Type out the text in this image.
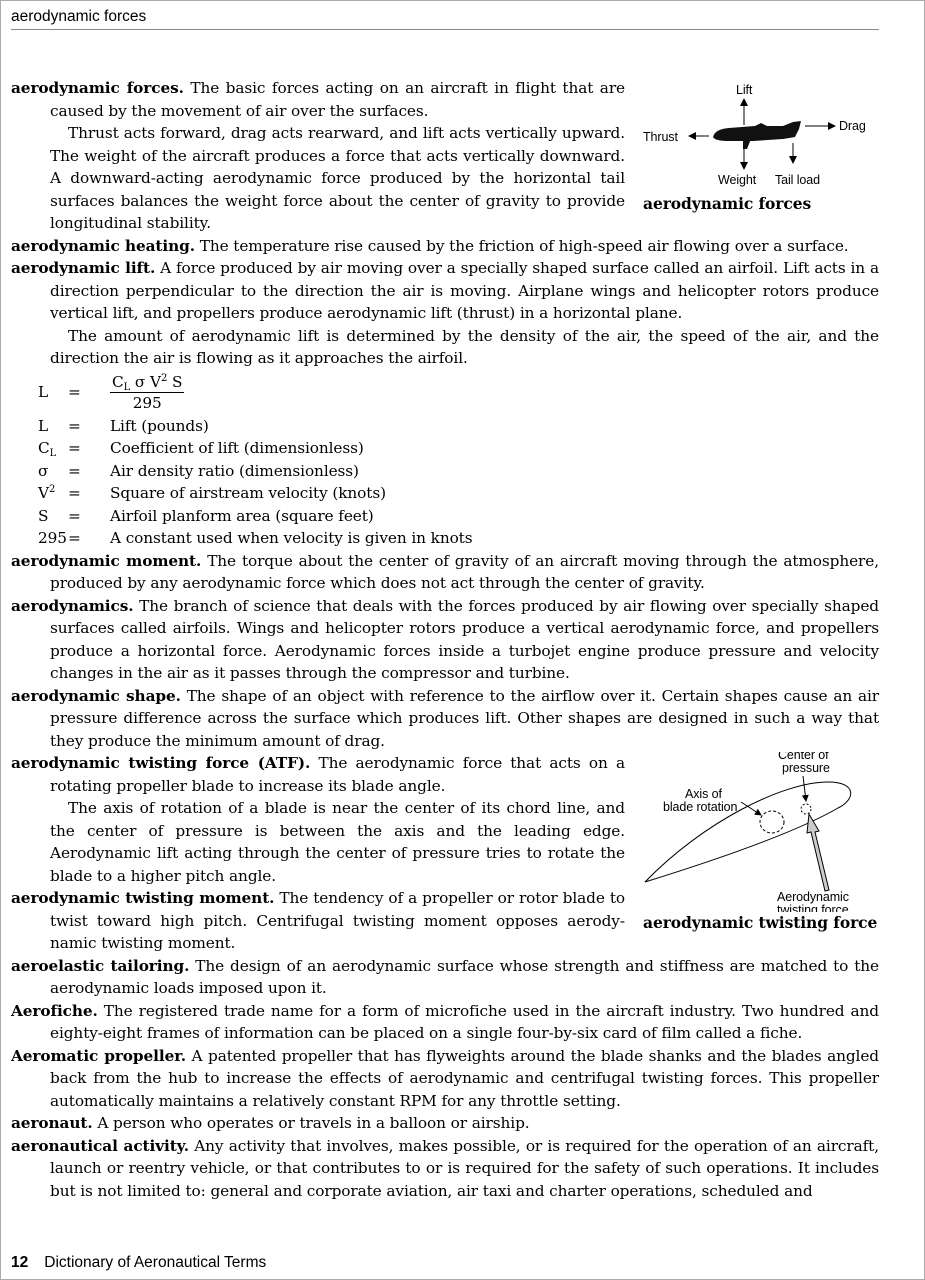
aerodynamic forces
Lift
Thrust
Drag
Weight Tail load
aerodynamic forces

aerodynamic forces. The basic forces acting on an aircraft in flight that are caused by the movement of air over the surfaces.

Thrust acts forward, drag acts rearward, and lift acts vertically upward. The weight of the aircraft produces a force that acts vertically downward. A downward-acting aerodynamic force produced by the horizontal tail surfaces balances the weight force about the center of gravity to provide longitudinal stability.

aerodynamic heating. The temperature rise caused by the friction of high-speed air flowing over a surface.

aerodynamic lift. A force produced by air moving over a specially shaped surface called an airfoil. Lift acts in a direction perpendicular to the direction the air is moving. Airplane wings and helicopter rotors produce vertical lift, and propellers produce aerodynamic lift (thrust) in a horizontal plane.

The amount of aerodynamic lift is determined by the density of the air, the speed of the air, and the direction the air is flowing as it approaches the airfoil.

L	=	$\frac{C_L \sigma V^2 S}{295}$

L	=	Lift (pounds)
$C_L$	=	Coefficient of lift (dimensionless)
σ	=	Air density ratio (dimensionless)
$V^2$	=	Square of airstream velocity (knots)
S	=	Airfoil planform area (square feet)
295	=	A constant used when velocity is given in knots

aerodynamic moment. The torque about the center of gravity of an aircraft moving through the atmosphere, produced by any aerodynamic force which does not act through the center of gravity.

aerodynamics. The branch of science that deals with the forces produced by air flowing over specially shaped surfaces called airfoils. Wings and helicopter rotors produce a vertical aerodynamic force, and propellers produce a horizontal force. Aerodynamic forces inside a turbojet engine produce pressure and velocity changes in the air as it passes through the compressor and turbine.

aerodynamic shape. The shape of an object with reference to the airflow over it. Certain shapes cause an air pressure difference across the surface which produces lift. Other shapes are designed in such a way that they produce the minimum amount of drag.

Center of
pressure
Axis of
blade rotation
Aerodynamic
twisting force
aerodynamic twisting force

aerodynamic twisting force (ATF). The aerodynamic force that acts on a rotating propeller blade to increase its blade angle.

The axis of rotation of a blade is near the center of its chord line, and the center of pressure is between the axis and the leading edge. Aerodynamic lift acting through the center of pressure tries to rotate the blade to a higher pitch angle.

aerodynamic twisting moment. The tendency of a propeller or rotor blade to twist toward high pitch. Centrifugal twisting moment opposes aerodynamic twisting moment.

aeroelastic tailoring. The design of an aerodynamic surface whose strength and stiffness are matched to the aerodynamic loads imposed upon it.

Aerofiche. The registered trade name for a form of microfiche used in the aircraft industry. Two hundred and eighty-eight frames of information can be placed on a single four-by-six card of film called a fiche.

Aeromatic propeller. A patented propeller that has flyweights around the blade shanks and the blades angled back from the hub to increase the effects of aerodynamic and centrifugal twisting forces. This propeller automatically maintains a relatively constant RPM for any throttle setting.

aeronaut. A person who operates or travels in a balloon or airship.

aeronautical activity. Any activity that involves, makes possible, or is required for the operation of an aircraft, launch or reentry vehicle, or that contributes to or is required for the safety of such operations. It includes but is not limited to: general and corporate aviation, air taxi and charter operations, scheduled and

12 Dictionary of Aeronautical Terms
